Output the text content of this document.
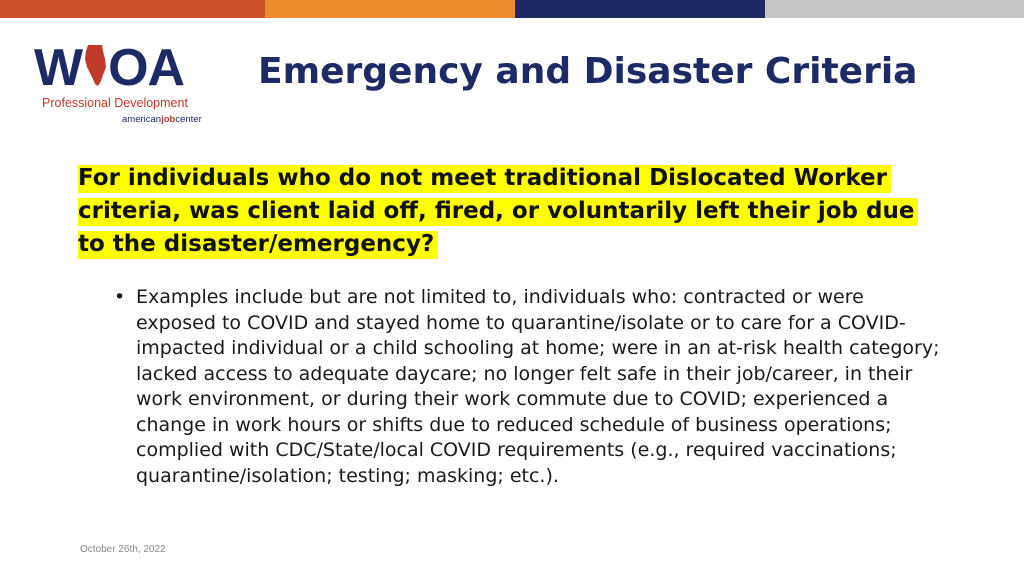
W OA
Professional Development
americanjobcenter
Emergency and Disaster Criteria
For individuals who do not meet traditional Dislocated Worker criteria, was client laid off, fired, or voluntarily left their job due to the disaster/emergency?
• Examples include but are not limited to, individuals who: contracted or were exposed to COVID and stayed home to quarantine/isolate or to care for a COVID-impacted individual or a child schooling at home; were in an at-risk health category; lacked access to adequate daycare; no longer felt safe in their job/career, in their work environment, or during their work commute due to COVID; experienced a change in work hours or shifts due to reduced schedule of business operations; complied with CDC/State/local COVID requirements (e.g., required vaccinations; quarantine/isolation; testing; masking; etc.).
October 26th, 2022
